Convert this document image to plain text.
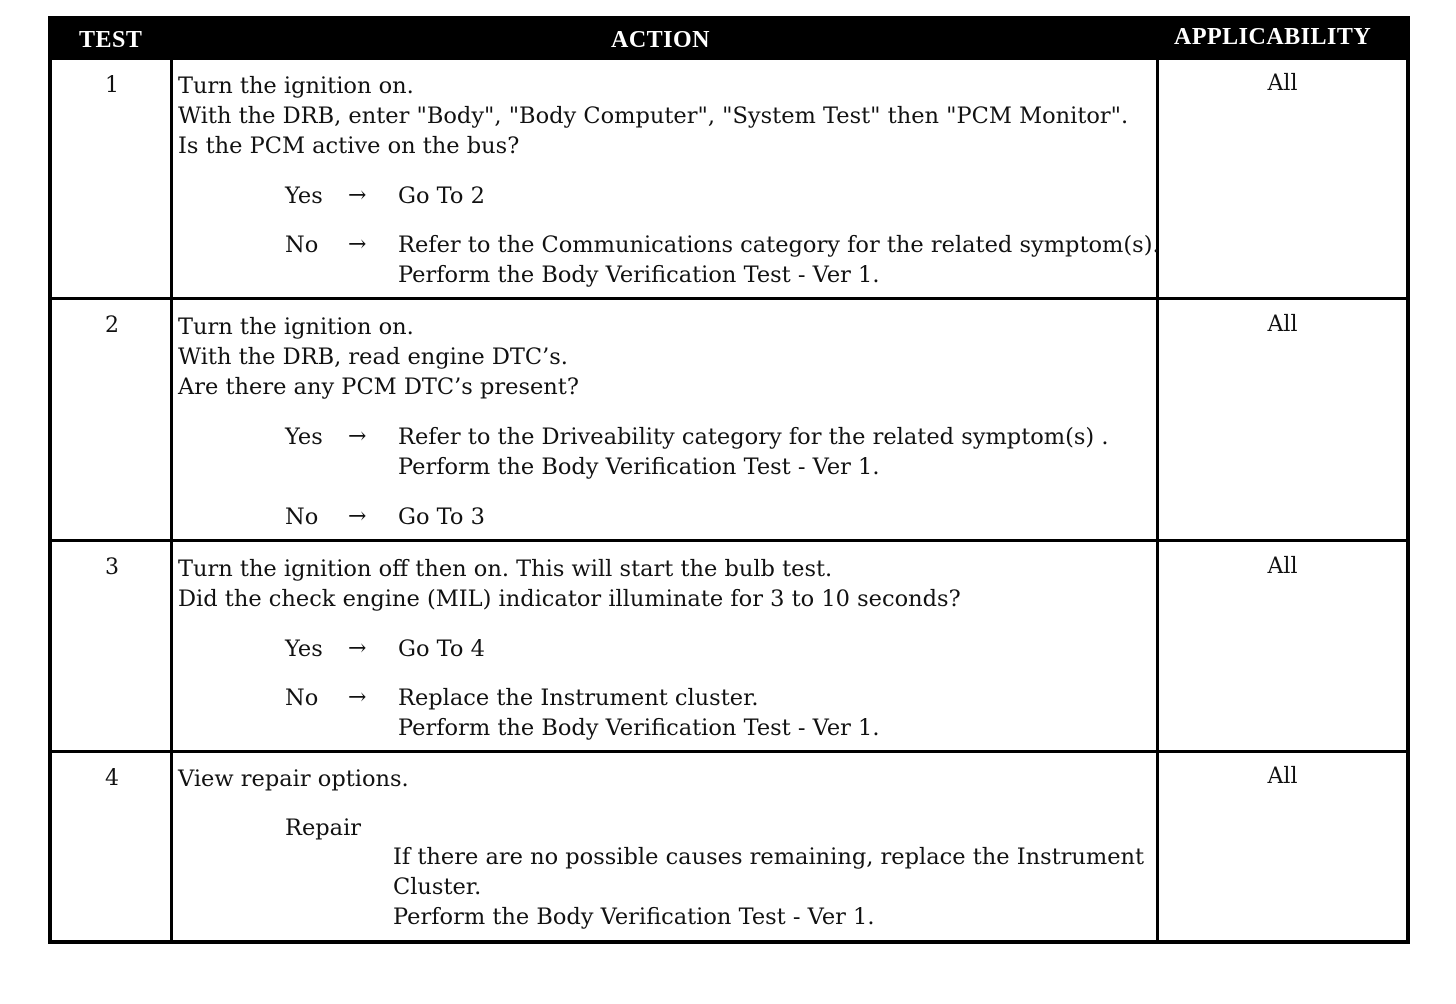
TEST	ACTION	APPLICABILITY
1	Turn the ignition on.
With the DRB, enter "Body", "Body Computer", "System Test" then "PCM Monitor".
Is the PCM active on the bus?
Yes → Go To 2
No → Refer to the Communications category for the related symptom(s).
Perform the Body Verification Test - Ver 1.
All
2	Turn the ignition on.
With the DRB, read engine DTC’s.
Are there any PCM DTC’s present?
Yes → Refer to the Driveability category for the related symptom(s) .
Perform the Body Verification Test - Ver 1.
No → Go To 3
All
3	Turn the ignition off then on. This will start the bulb test.
Did the check engine (MIL) indicator illuminate for 3 to 10 seconds?
Yes → Go To 4
No → Replace the Instrument cluster.
Perform the Body Verification Test - Ver 1.
All
4	View repair options.
Repair
If there are no possible causes remaining, replace the Instrument
Cluster.
Perform the Body Verification Test - Ver 1.
All
